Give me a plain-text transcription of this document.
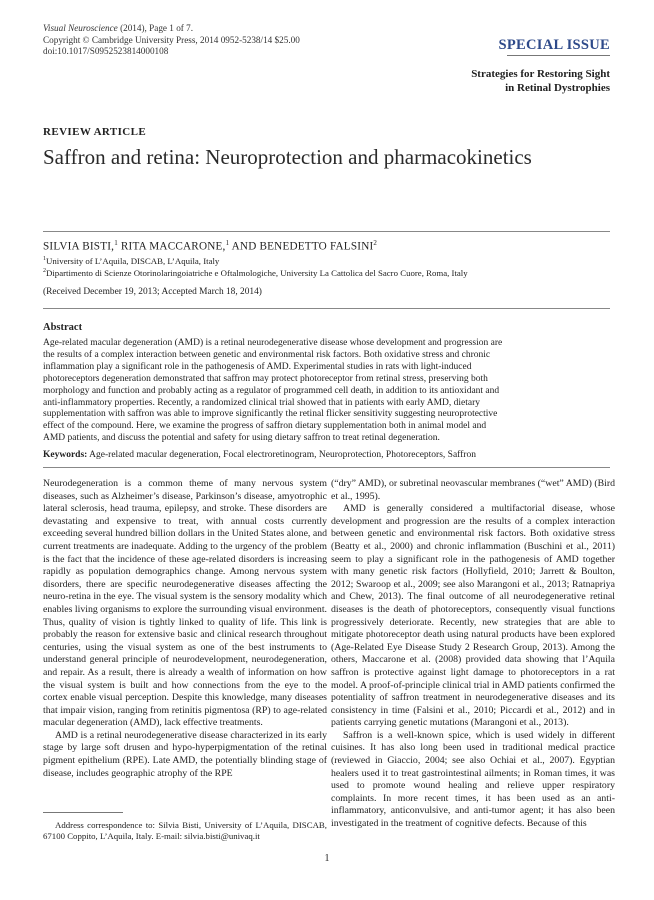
Visual Neuroscience (2014), Page 1 of 7.
Copyright © Cambridge University Press, 2014 0952-5238/14 $25.00
doi:10.1017/S0952523814000108	SPECIAL ISSUE
Strategies for Restoring Sight
in Retinal Dystrophies
REVIEW ARTICLE
Saffron and retina: Neuroprotection and pharmacokinetics
SILVIA BISTI,$^1$ RITA MACCARONE,$^1$ AND BENEDETTO FALSINI$^2$
$^1$University of L’Aquila, DISCAB, L’Aquila, Italy
$^2$Dipartimento di Scienze Otorinolaringoiatriche e Oftalmologiche, University La Cattolica del Sacro Cuore, Roma, Italy
(Received December 19, 2013; Accepted March 18, 2014)
Abstract
Age-related macular degeneration (AMD) is a retinal neurodegenerative disease whose development and progression are
the results of a complex interaction between genetic and environmental risk factors. Both oxidative stress and chronic
inflammation play a significant role in the pathogenesis of AMD. Experimental studies in rats with light-induced
photoreceptors degeneration demonstrated that saffron may protect photoreceptor from retinal stress, preserving both
morphology and function and probably acting as a regulator of programmed cell death, in addition to its antioxidant and
anti-inflammatory properties. Recently, a randomized clinical trial showed that in patients with early AMD, dietary
supplementation with saffron was able to improve significantly the retinal flicker sensitivity suggesting neuroprotective
effect of the compound. Here, we examine the progress of saffron dietary supplementation both in animal model and
AMD patients, and discuss the potential and safety for using dietary saffron to treat retinal degeneration.
Keywords: Age-related macular degeneration, Focal electroretinogram, Neuroprotection, Photoreceptors, Saffron

Neurodegeneration is a common theme of many nervous system diseases, such as Alzheimer’s disease, Parkinson’s disease, amyotrophic lateral sclerosis, head trauma, epilepsy, and stroke. These disorders are devastating and expensive to treat, with annual costs currently exceeding several hundred billion dollars in the United States alone, and current treatments are inadequate. Adding to the urgency of the problem is the fact that the incidence of these age-related disorders is increasing rapidly as population demographics change. Among nervous system disorders, there are specific neurodegenerative diseases affecting the neuro-retina in the eye. The visual system is the sensory modality which enables living organisms to explore the surrounding visual environment. Thus, quality of vision is tightly linked to quality of life. This link is probably the reason for extensive basic and clinical research throughout centuries, using the visual system as one of the best instruments to understand general principle of neurodevelopment, neurodegeneration, and repair. As a result, there is already a wealth of information on how the visual system is built and how connections from the eye to the cortex enable visual perception. Despite this knowledge, many diseases that impair vision, ranging from retinitis pigmentosa (RP) to age-related macular degeneration (AMD), lack effective treatments.

AMD is a retinal neurodegenerative disease characterized in its early stage by large soft drusen and hypo-hyperpigmentation of the retinal pigment epithelium (RPE). Late AMD, the potentially blinding stage of disease, includes geographic atrophy of the RPE

(“dry” AMD), or subretinal neovascular membranes (“wet” AMD) (Bird et al., 1995).

AMD is generally considered a multifactorial disease, whose development and progression are the results of a complex interaction between genetic and environmental risk factors. Both oxidative stress (Beatty et al., 2000) and chronic inflammation (Buschini et al., 2011) seem to play a significant role in the pathogenesis of AMD together with many genetic risk factors (Hollyfield, 2010; Jarrett & Boulton, 2012; Swaroop et al., 2009; see also Marangoni et al., 2013; Ratnapriya and Chew, 2013). The final outcome of all neurodegenerative retinal diseases is the death of photoreceptors, consequently visual functions progressively deteriorate. Recently, new strategies that are able to mitigate photoreceptor death using natural products have been explored (Age-Related Eye Disease Study 2 Research Group, 2013). Among the others, Maccarone et al. (2008) provided data showing that l’Aquila saffron is protective against light damage to photoreceptors in a rat model. A proof-of-principle clinical trial in AMD patients confirmed the potentiality of saffron treatment in neurodegenerative diseases and its consistency in time (Falsini et al., 2010; Piccardi et al., 2012) and in patients carrying genetic mutations (Marangoni et al., 2013).

Saffron is a well-known spice, which is used widely in different cuisines. It has also long been used in traditional medical practice (reviewed in Giaccio, 2004; see also Ochiai et al., 2007). Egyptian healers used it to treat gastrointestinal ailments; in Roman times, it was used to promote wound healing and relieve upper respiratory complaints. In more recent times, it has been used as an anti-inflammatory, anticonvulsive, and anti-tumor agent; it has also been investigated in the treatment of cognitive defects. Because of this

Address correspondence to: Silvia Bisti, University of L’Aquila, DISCAB, 67100 Coppito, L’Aquila, Italy. E-mail: silvia.bisti@univaq.it

1
